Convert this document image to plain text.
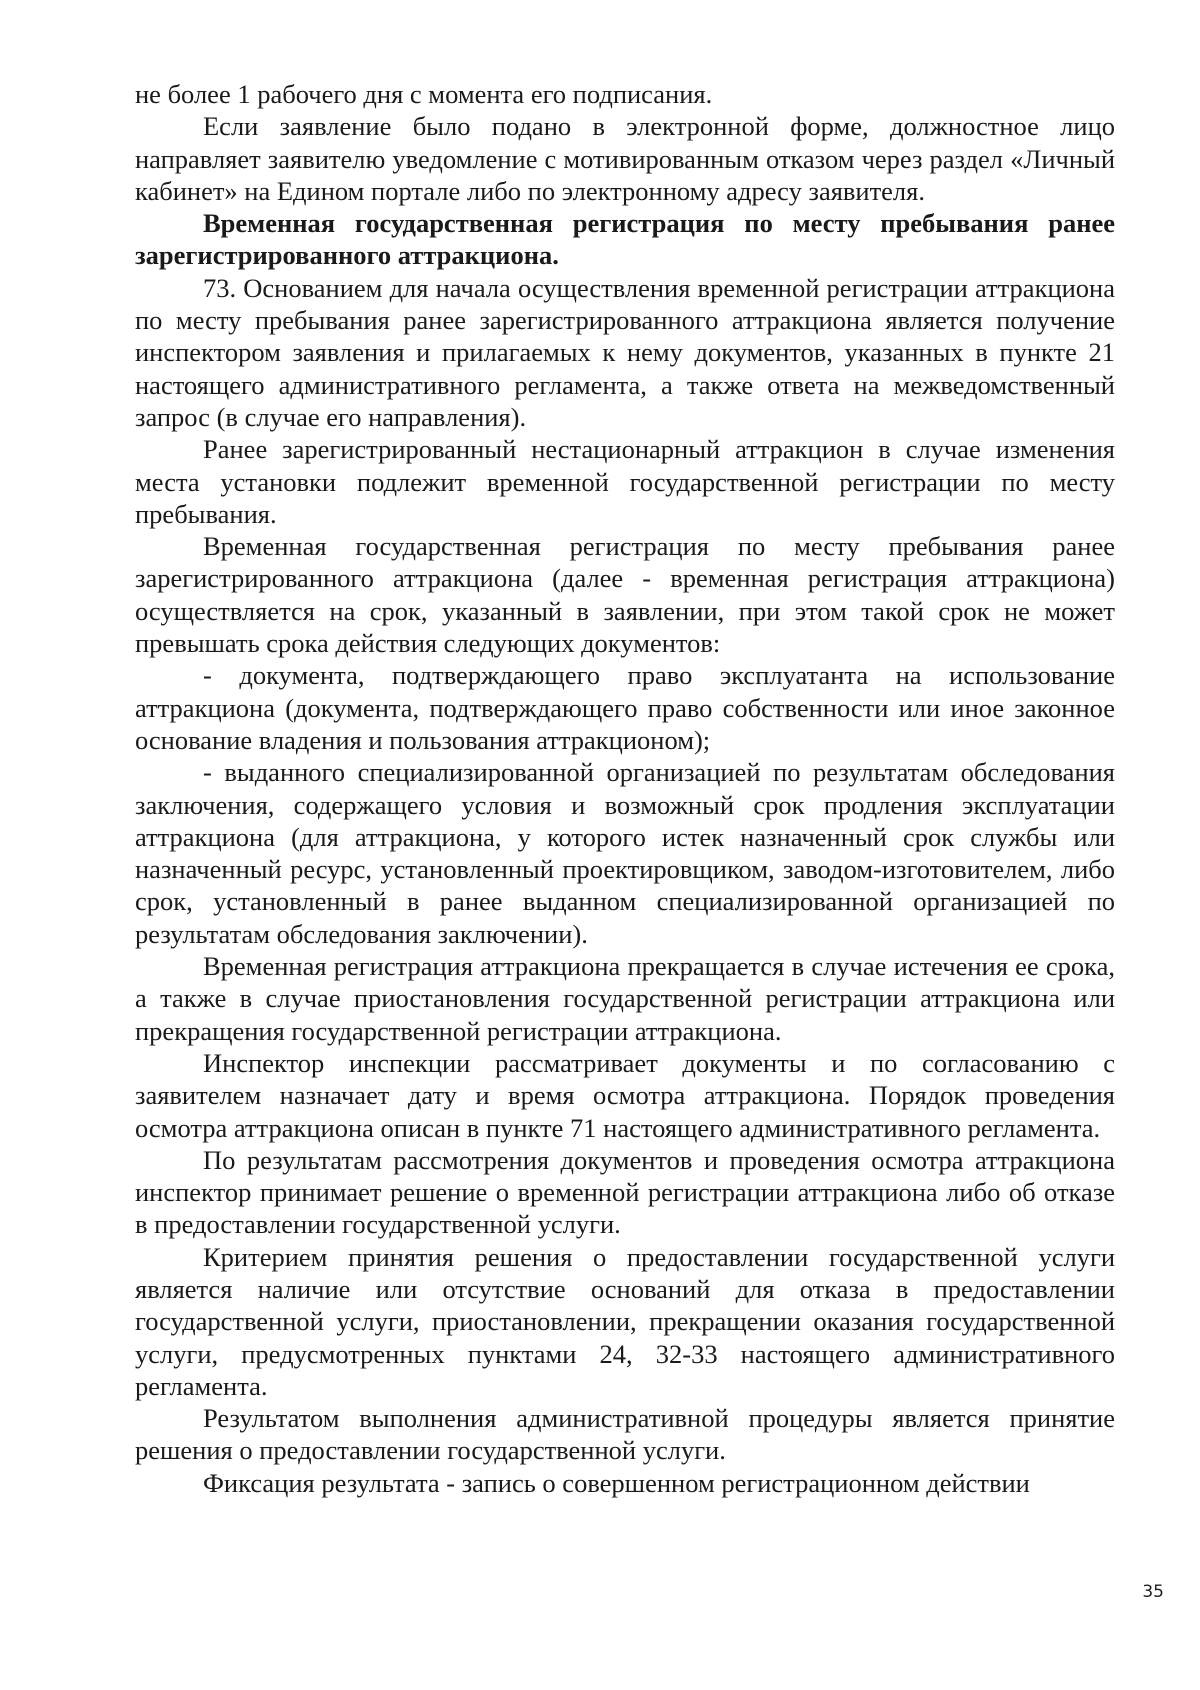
не более 1 рабочего дня с момента его подписания.

Если заявление было подано в электронной форме, должностное лицо направляет заявителю уведомление с мотивированным отказом через раздел «Личный кабинет» на Едином портале либо по электронному адресу заявителя.

Временная государственная регистрация по месту пребывания ранее зарегистрированного аттракциона.

73. Основанием для начала осуществления временной регистрации аттракциона по месту пребывания ранее зарегистрированного аттракциона является получение инспектором заявления и прилагаемых к нему документов, указанных в пункте 21 настоящего административного регламента, а также ответа на межведомственный запрос (в случае его направления).

Ранее зарегистрированный нестационарный аттракцион в случае изменения места установки подлежит временной государственной регистрации по месту пребывания.

Временная государственная регистрация по месту пребывания ранее зарегистрированного аттракциона (далее - временная регистрация аттракциона) осуществляется на срок, указанный в заявлении, при этом такой срок не может превышать срока действия следующих документов:

- документа, подтверждающего право эксплуатанта на использование аттракциона (документа, подтверждающего право собственности или иное законное основание владения и пользования аттракционом);

- выданного специализированной организацией по результатам обследования заключения, содержащего условия и возможный срок продления эксплуатации аттракциона (для аттракциона, у которого истек назначенный срок службы или назначенный ресурс, установленный проектировщиком, заводом-изготовителем, либо срок, установленный в ранее выданном специализированной организацией по результатам обследования заключении).

Временная регистрация аттракциона прекращается в случае истечения ее срока, а также в случае приостановления государственной регистрации аттракциона или прекращения государственной регистрации аттракциона.

Инспектор инспекции рассматривает документы и по согласованию с заявителем назначает дату и время осмотра аттракциона. Порядок проведения осмотра аттракциона описан в пункте 71 настоящего административного регламента.

По результатам рассмотрения документов и проведения осмотра аттракциона инспектор принимает решение о временной регистрации аттракциона либо об отказе в предоставлении государственной услуги.

Критерием принятия решения о предоставлении государственной услуги является наличие или отсутствие оснований для отказа в предоставлении государственной услуги, приостановлении, прекращении оказания государственной услуги, предусмотренных пунктами 24, 32-33 настоящего административного регламента.

Результатом выполнения административной процедуры является принятие решения о предоставлении государственной услуги.

Фиксация результата - запись о совершенном регистрационном действии

35
